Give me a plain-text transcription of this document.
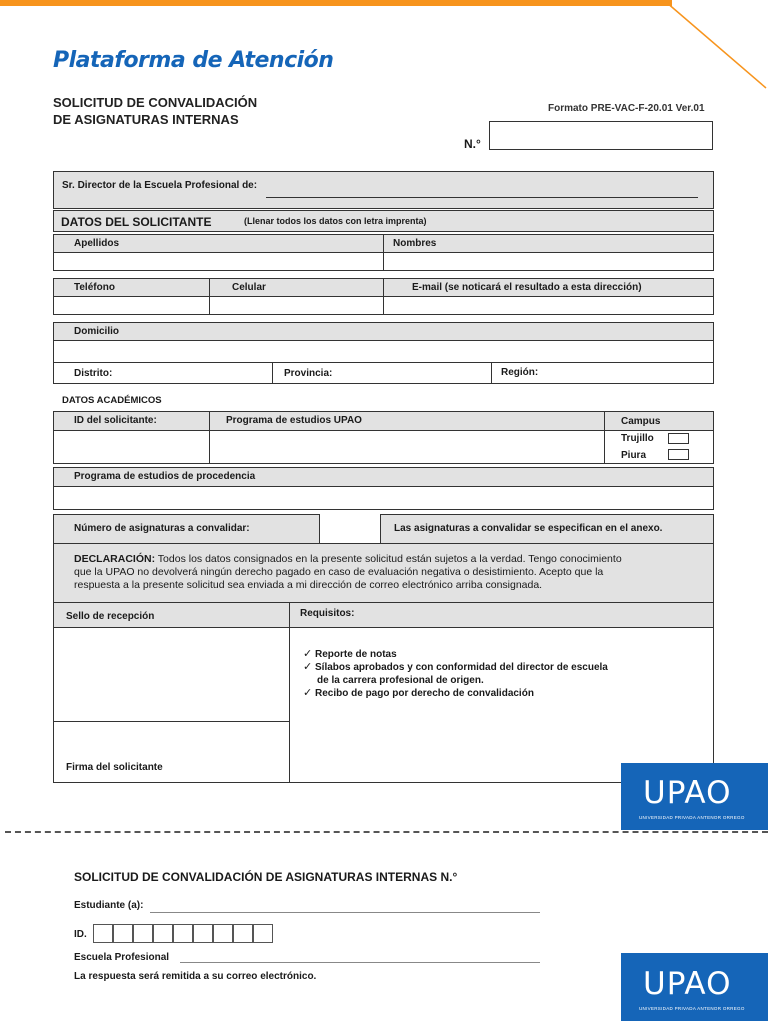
Plataforma de Atención
SOLICITUD DE CONVALIDACIÓN
DE ASIGNATURAS INTERNAS
Formato PRE-VAC-F-20.01 Ver.01
N.°
Sr. Director de la Escuela Profesional de:
DATOS DEL SOLICITANTE	(Llenar todos los datos con letra imprenta)
Apellidos	Nombres
Teléfono	Celular	E-mail (se noticará el resultado a esta dirección)
Domicilio
Distrito:	Provincia:	Región:
DATOS ACADÉMICOS
ID del solicitante:	Programa de estudios UPAO	Campus
Trujillo
Piura
Programa de estudios de procedencia
Número de asignaturas a convalidar:	Las asignaturas a convalidar se especifican en el anexo.
DECLARACIÓN: Todos los datos consignados en la presente solicitud están sujetos a la verdad. Tengo conocimiento
que la UPAO no devolverá ningún derecho pagado en caso de evaluación negativa o desistimiento. Acepto que la
respuesta a la presente solicitud sea enviada a mi dirección de correo electrónico arriba consignada.
Sello de recepción	Requisitos:
Firma del solicitante
✓ Reporte de notas
✓ Sílabos aprobados y con conformidad del director de escuela
de la carrera profesional de origen.
✓ Recibo de pago por derecho de convalidación
UPAO
UNIVERSIDAD PRIVADA ANTENOR ORREGO
SOLICITUD DE CONVALIDACIÓN DE ASIGNATURAS INTERNAS N.°
Estudiante (a):
ID.
Escuela Profesional
La respuesta será remitida a su correo electrónico.	UPAO
UNIVERSIDAD PRIVADA ANTENOR ORREGO
